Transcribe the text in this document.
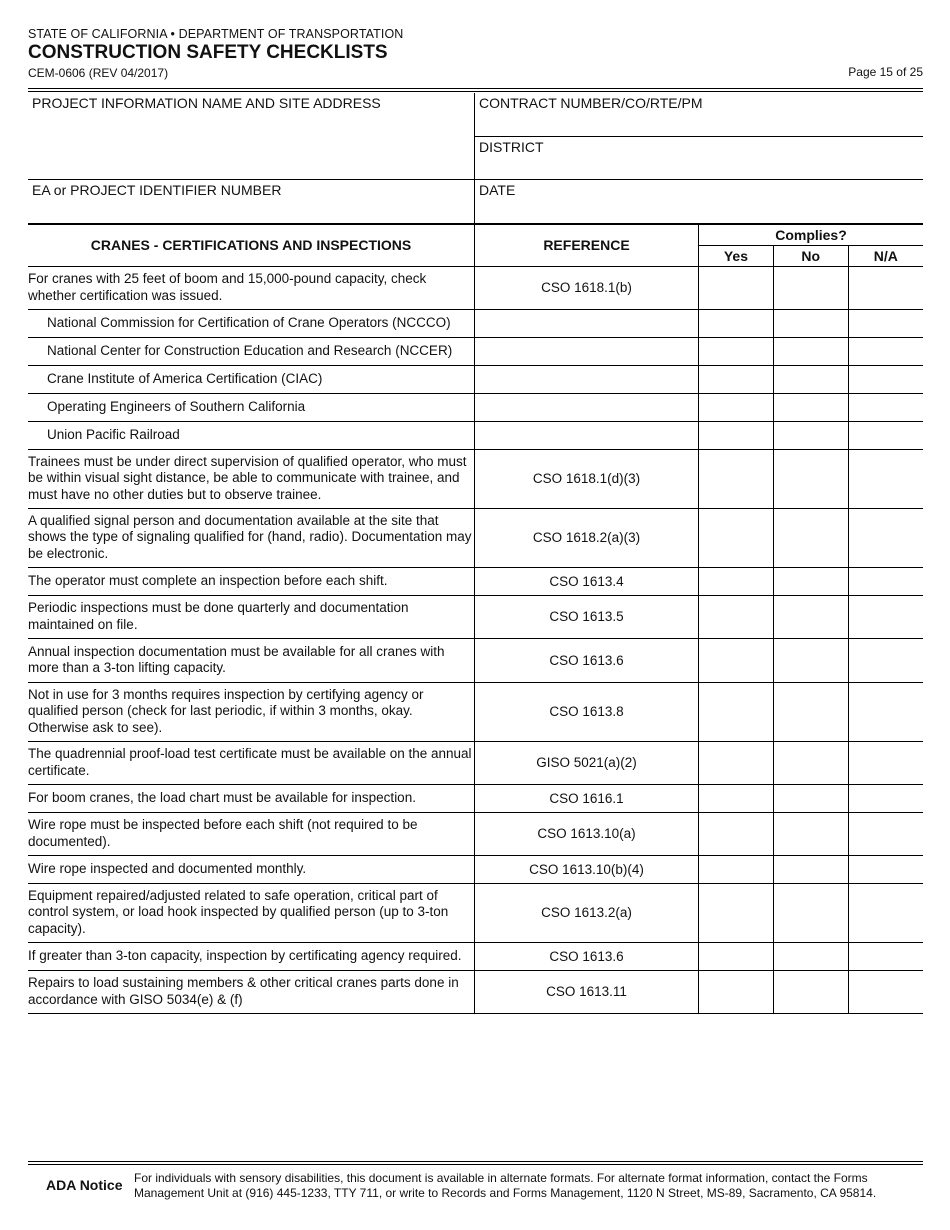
STATE OF CALIFORNIA • DEPARTMENT OF TRANSPORTATION
CONSTRUCTION SAFETY CHECKLISTS
CEM-0606 (REV 04/2017)	Page 15 of 25
PROJECT INFORMATION NAME AND SITE ADDRESS
EA or PROJECT IDENTIFIER NUMBER
CONTRACT NUMBER/CO/RTE/PM
DISTRICT
DATE
CRANES - CERTIFICATIONS AND INSPECTIONS	REFERENCE	Complies?		
		Yes	No	N/A
For cranes with 25 feet of boom and 15,000-pound capacity, check whether certification was issued.	CSO 1618.1(b)			
National Commission for Certification of Crane Operators (NCCCO)				
National Center for Construction Education and Research (NCCER)				
Crane Institute of America Certification (CIAC)				
Operating Engineers of Southern California				
Union Pacific Railroad				
Trainees must be under direct supervision of qualified operator, who must be within visual sight distance, be able to communicate with trainee, and must have no other duties but to observe trainee.	CSO 1618.1(d)(3)			
A qualified signal person and documentation available at the site that shows the type of signaling qualified for (hand, radio). Documentation may be electronic.	CSO 1618.2(a)(3)			
The operator must complete an inspection before each shift.	CSO 1613.4			
Periodic inspections must be done quarterly and documentation maintained on file.	CSO 1613.5			
Annual inspection documentation must be available for all cranes with more than a 3-ton lifting capacity.	CSO 1613.6			
Not in use for 3 months requires inspection by certifying agency or qualified person (check for last periodic, if within 3 months, okay. Otherwise ask to see).	CSO 1613.8			
The quadrennial proof-load test certificate must be available on the annual certificate.	GISO 5021(a)(2)			
For boom cranes, the load chart must be available for inspection.	CSO 1616.1			
Wire rope must be inspected before each shift (not required to be documented).	CSO 1613.10(a)			
Wire rope inspected and documented monthly.	CSO 1613.10(b)(4)			
Equipment repaired/adjusted related to safe operation, critical part of control system, or load hook inspected by qualified person (up to 3-ton capacity).	CSO 1613.2(a)			
If greater than 3-ton capacity, inspection by certificating agency required.	CSO 1613.6			
Repairs to load sustaining members & other critical cranes parts done in accordance with GISO 5034(e) & (f)	CSO 1613.11			
ADA Notice For individuals with sensory disabilities, this document is available in alternate formats. For alternate format information, contact the Forms Management Unit at (916) 445-1233, TTY 711, or write to Records and Forms Management, 1120 N Street, MS-89, Sacramento, CA 95814.
